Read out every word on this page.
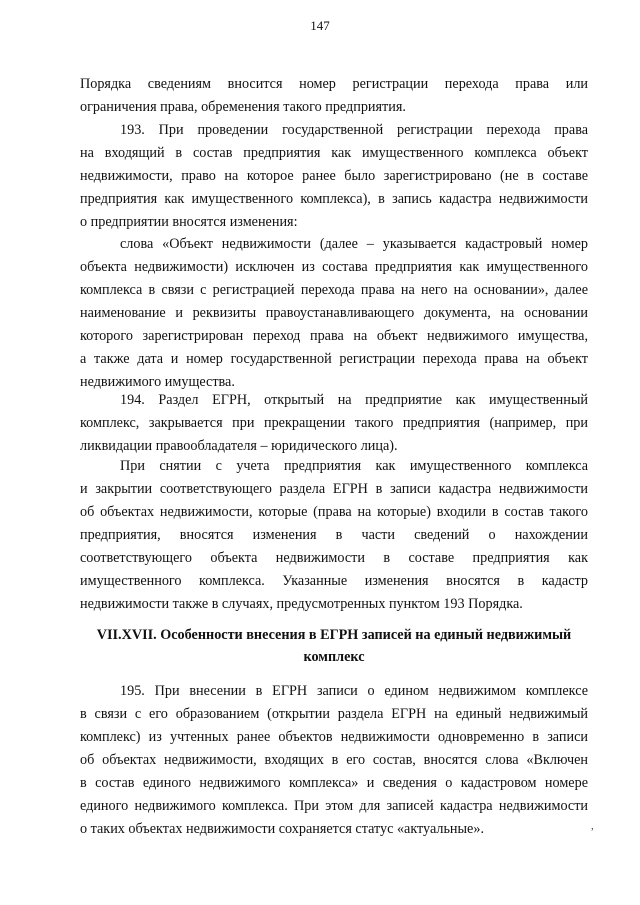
147
Порядка сведениям вносится номер регистрации перехода права или
ограничения права, обременения такого предприятия.
193. При проведении государственной регистрации перехода права
на входящий в состав предприятия как имущественного комплекса объект
недвижимости, право на которое ранее было зарегистрировано (не в составе
предприятия как имущественного комплекса), в запись кадастра недвижимости
о предприятии вносятся изменения:
слова «Объект недвижимости (далее – указывается кадастровый номер
объекта недвижимости) исключен из состава предприятия как имущественного
комплекса в связи с регистрацией перехода права на него на основании», далее
наименование и реквизиты правоустанавливающего документа, на основании
которого зарегистрирован переход права на объект недвижимого имущества,
а также дата и номер государственной регистрации перехода права на объект
недвижимого имущества.
194. Раздел ЕГРН, открытый на предприятие как имущественный
комплекс, закрывается при прекращении такого предприятия (например, при
ликвидации правообладателя – юридического лица).
При снятии с учета предприятия как имущественного комплекса
и закрытии соответствующего раздела ЕГРН в записи кадастра недвижимости
об объектах недвижимости, которые (права на которые) входили в состав такого
предприятия, вносятся изменения в части сведений о нахождении
соответствующего объекта недвижимости в составе предприятия как
имущественного комплекса. Указанные изменения вносятся в кадастр
недвижимости также в случаях, предусмотренных пунктом 193 Порядка.
VII.XVII. Особенности внесения в ЕГРН записей на единый недвижимый
комплекс
195. При внесении в ЕГРН записи о едином недвижимом комплексе
в связи с его образованием (открытии раздела ЕГРН на единый недвижимый
комплекс) из учтенных ранее объектов недвижимости одновременно в записи
об объектах недвижимости, входящих в его состав, вносятся слова «Включен
в состав единого недвижимого комплекса» и сведения о кадастровом номере
единого недвижимого комплекса. При этом для записей кадастра недвижимости
о таких объектах недвижимости сохраняется статус «актуальные».	,
